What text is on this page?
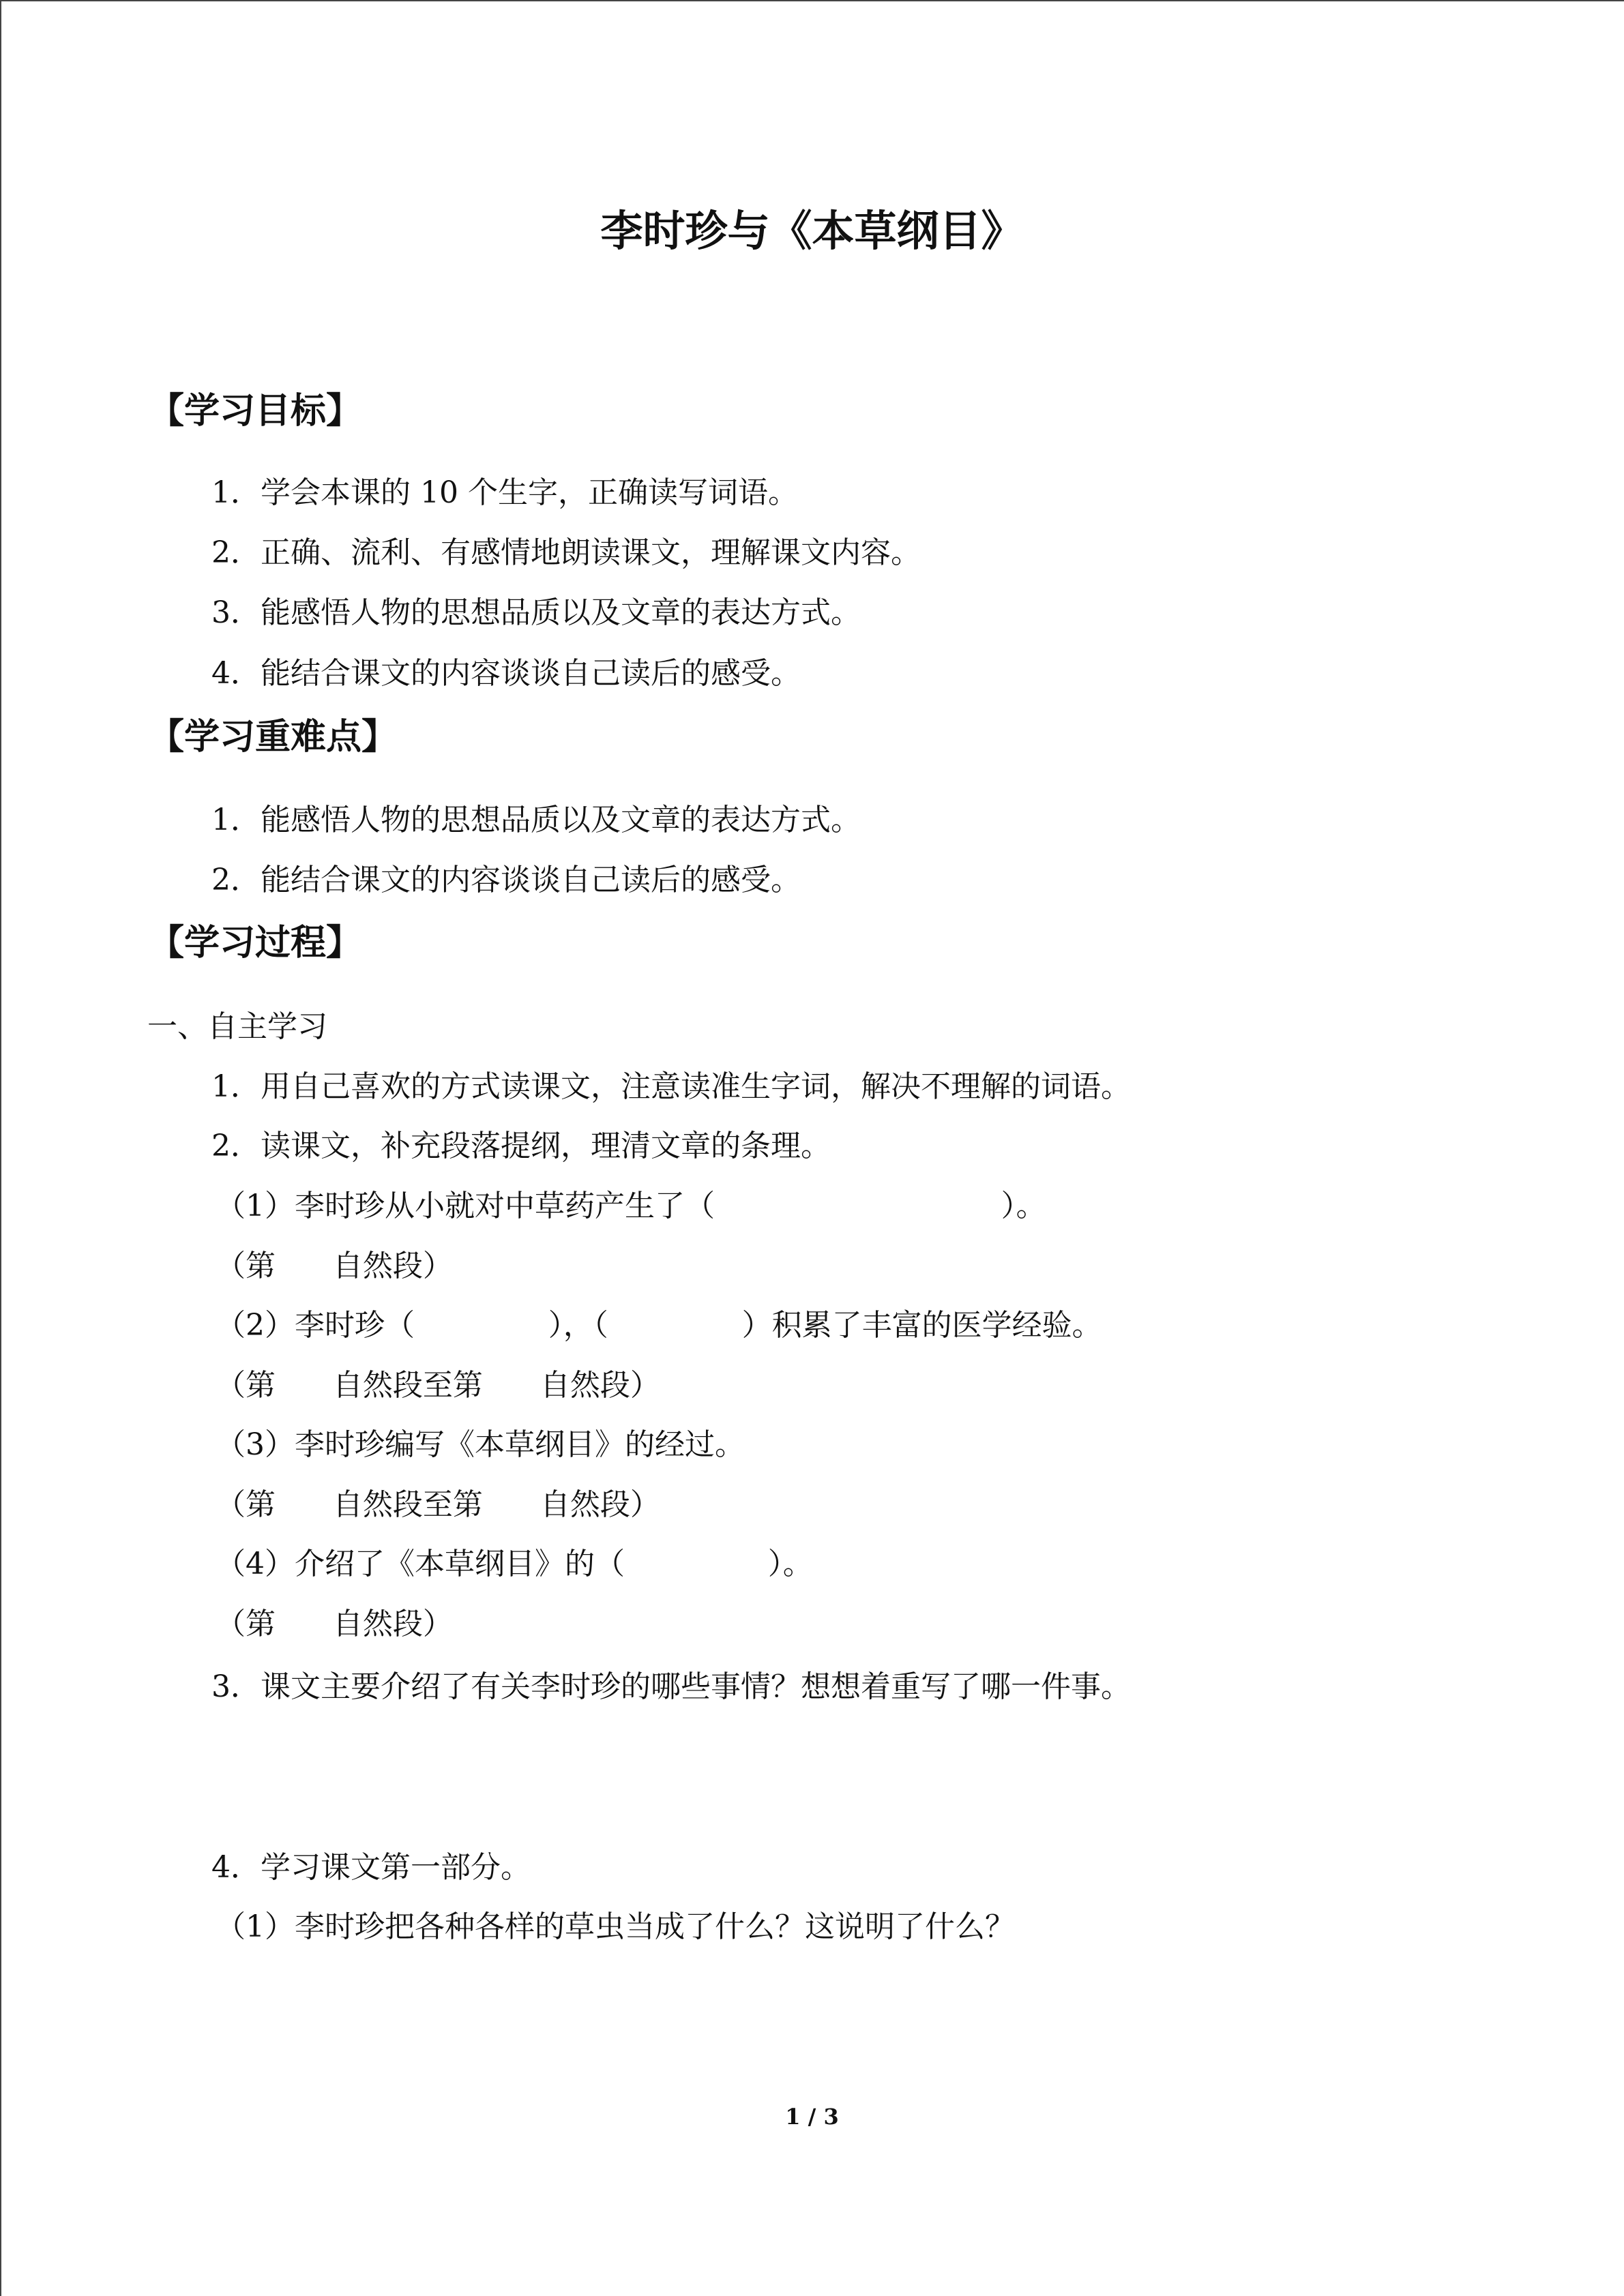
李时珍与《本草纲目》
【学习目标】
1．学会本课的 10 个生字，正确读写词语。
2．正确、流利、有感情地朗读课文，理解课文内容。
3．能感悟人物的思想品质以及文章的表达方式。
4．能结合课文的内容谈谈自己读后的感受。
【学习重难点】
1．能感悟人物的思想品质以及文章的表达方式。
2．能结合课文的内容谈谈自己读后的感受。
【学习过程】
一、自主学习
1．用自己喜欢的方式读课文，注意读准生字词，解决不理解的词语。
2．读课文，补充段落提纲，理清文章的条理。
（1）李时珍从小就对中草药产生了（                              ）。
（第      自然段）
（2）李时珍（              ），（              ）积累了丰富的医学经验。
（第      自然段至第      自然段）
（3）李时珍编写《本草纲目》的经过。
（第      自然段至第      自然段）
（4）介绍了《本草纲目》的（               ）。
（第      自然段）
3．课文主要介绍了有关李时珍的哪些事情？想想着重写了哪一件事。
4．学习课文第一部分。
（1）李时珍把各种各样的草虫当成了什么？这说明了什么？
1 / 3
